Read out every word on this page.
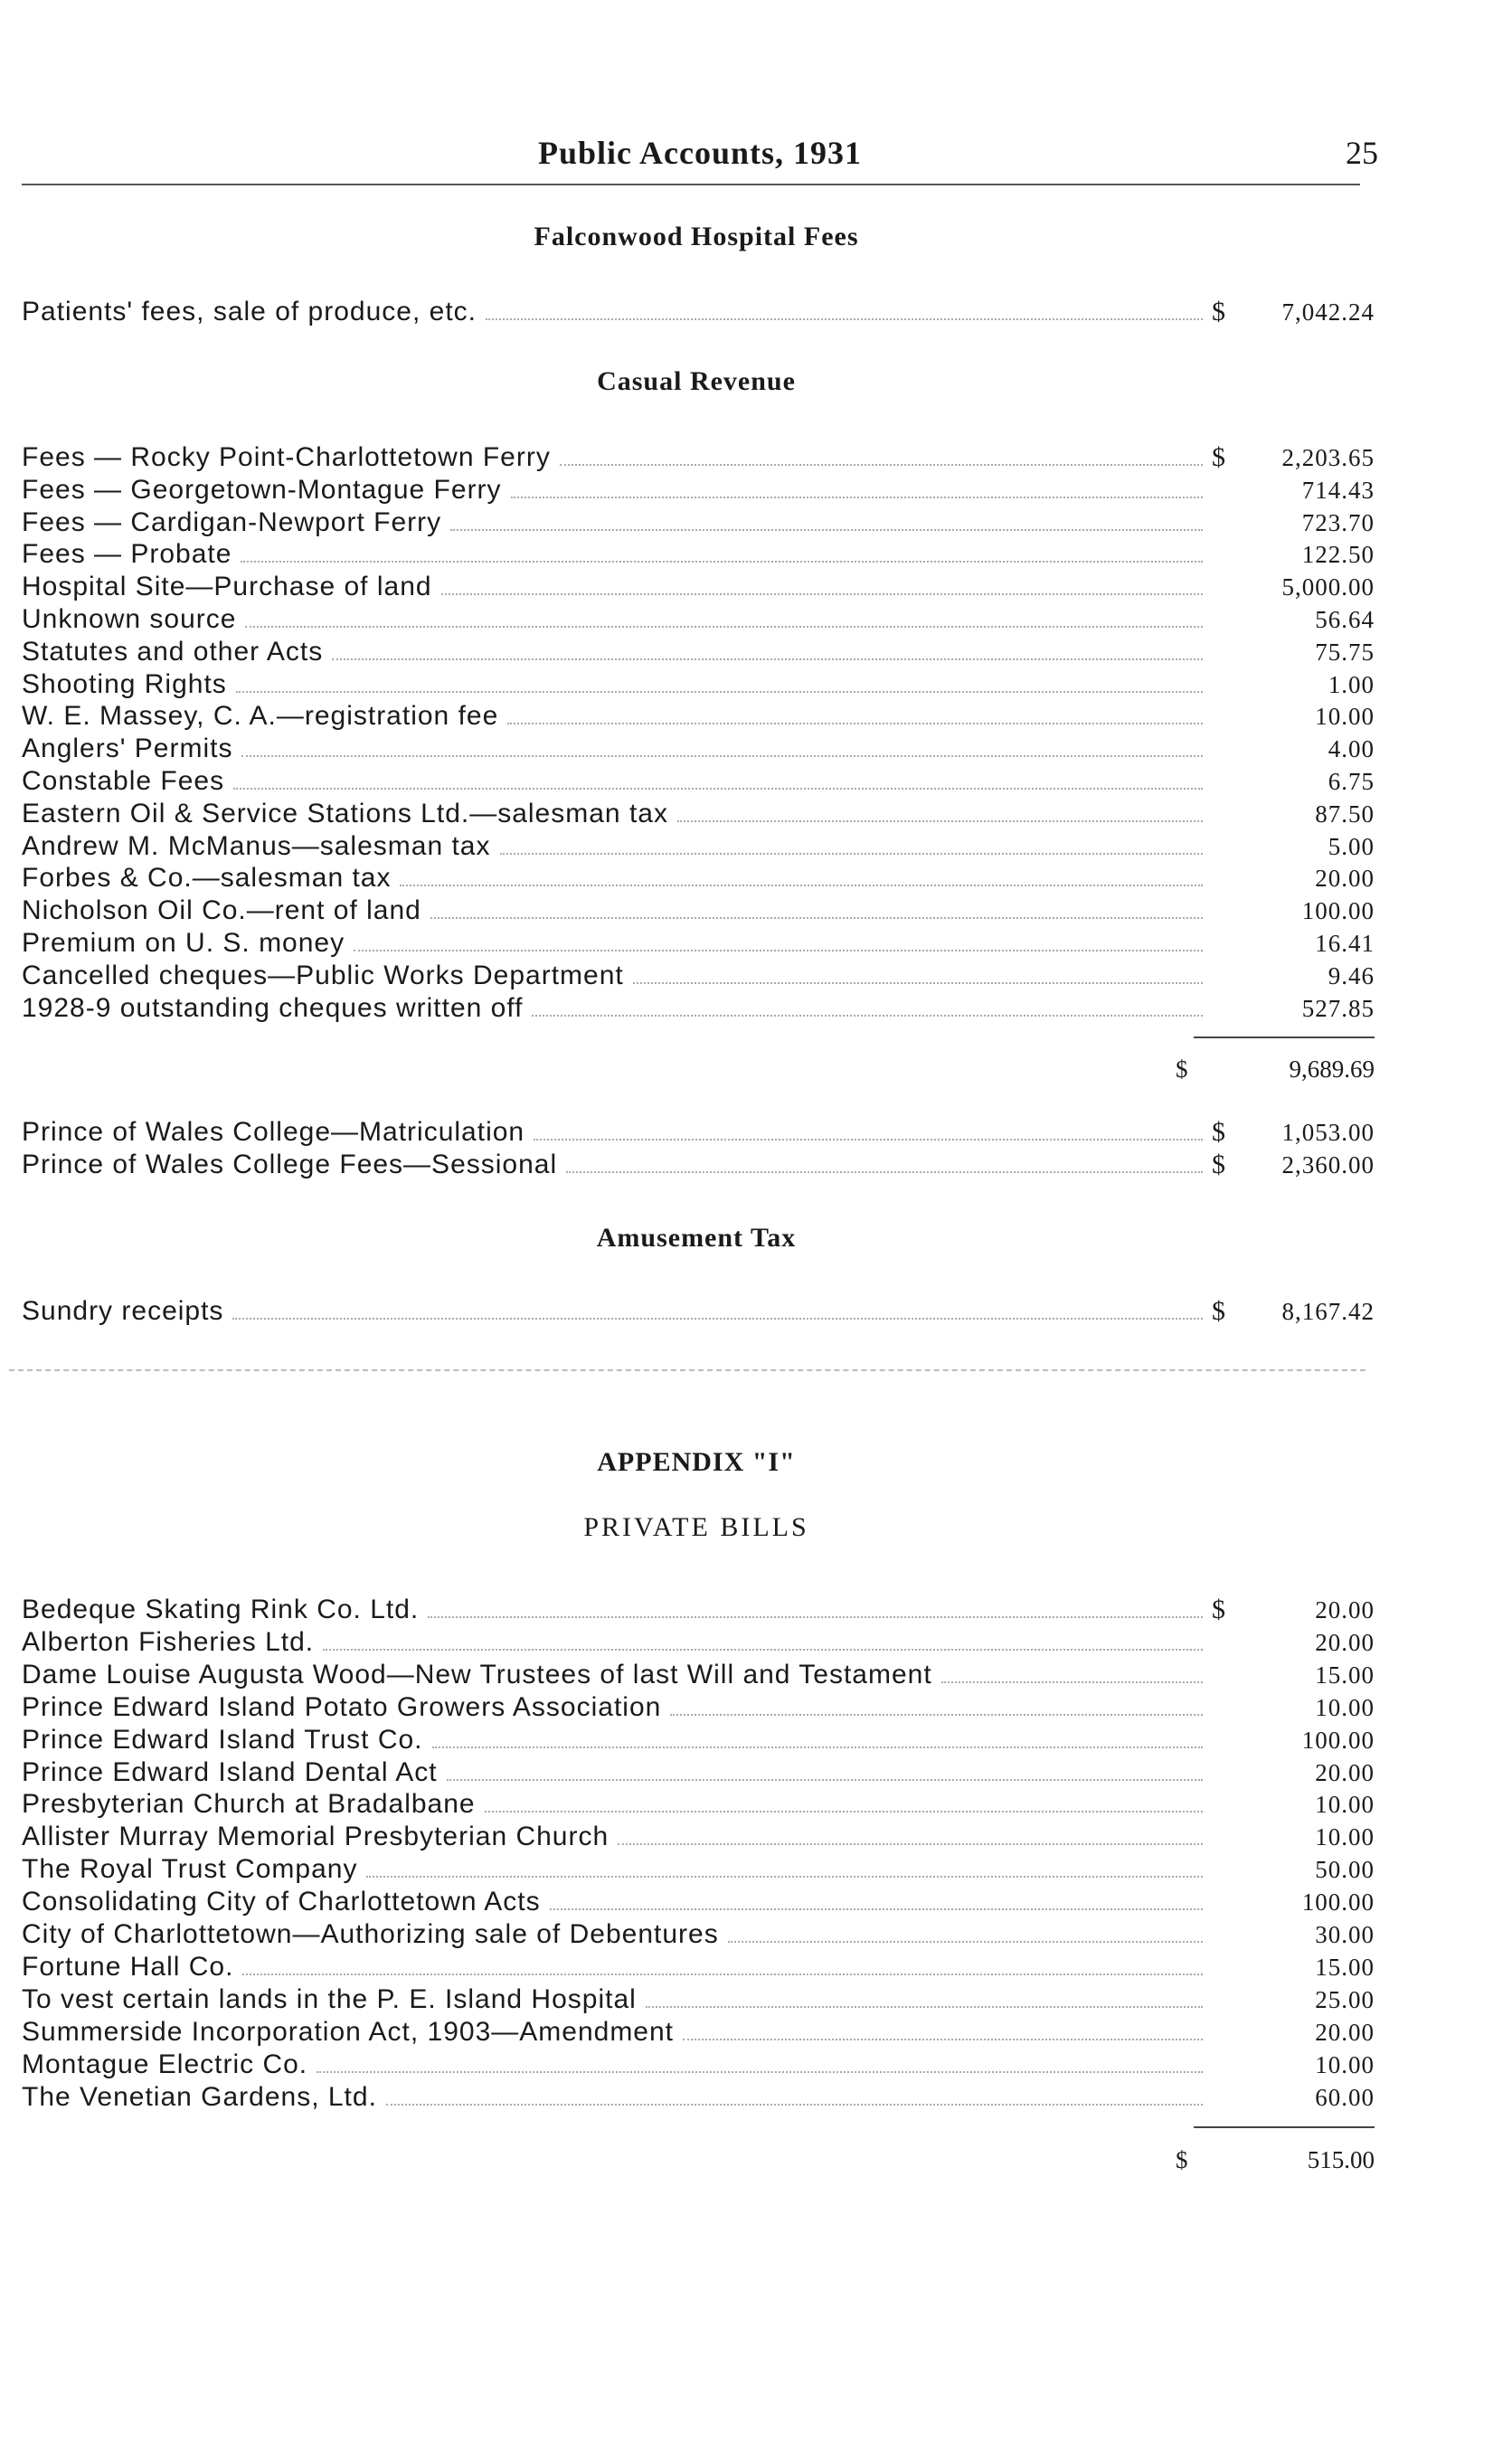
Public Accounts, 1931	25
Falconwood Hospital Fees
Patients' fees, sale of produce, etc.	$	7,042.24
Casual Revenue
Fees — Rocky Point-Charlottetown Ferry	$	2,203.65
Fees — Georgetown-Montague Ferry	714.43
Fees — Cardigan-Newport Ferry	723.70
Fees — Probate	122.50
Hospital Site—Purchase of land	5,000.00
Unknown source	56.64
Statutes and other Acts	75.75
Shooting Rights	1.00
W. E. Massey, C. A.—registration fee	10.00
Anglers' Permits	4.00
Constable Fees	6.75
Eastern Oil & Service Stations Ltd.—salesman tax	87.50
Andrew M. McManus—salesman tax	5.00
Forbes & Co.—salesman tax	20.00
Nicholson Oil Co.—rent of land	100.00
Premium on U. S. money	16.41
Cancelled cheques—Public Works Department	9.46
1928-9 outstanding cheques written off	527.85
$	9,689.69
Prince of Wales College—Matriculation	$	1,053.00
Prince of Wales College Fees—Sessional	$	2,360.00
Amusement Tax
Sundry receipts	$	8,167.42
APPENDIX "I"
PRIVATE BILLS
Bedeque Skating Rink Co. Ltd.	$	20.00
Alberton Fisheries Ltd.	20.00
Dame Louise Augusta Wood—New Trustees of last Will and Testament	15.00
Prince Edward Island Potato Growers Association	10.00
Prince Edward Island Trust Co.	100.00
Prince Edward Island Dental Act	20.00
Presbyterian Church at Bradalbane	10.00
Allister Murray Memorial Presbyterian Church	10.00
The Royal Trust Company	50.00
Consolidating City of Charlottetown Acts	100.00
City of Charlottetown—Authorizing sale of Debentures	30.00
Fortune Hall Co.	15.00
To vest certain lands in the P. E. Island Hospital	25.00
Summerside Incorporation Act, 1903—Amendment	20.00
Montague Electric Co.	10.00
The Venetian Gardens, Ltd.	60.00
$	515.00
